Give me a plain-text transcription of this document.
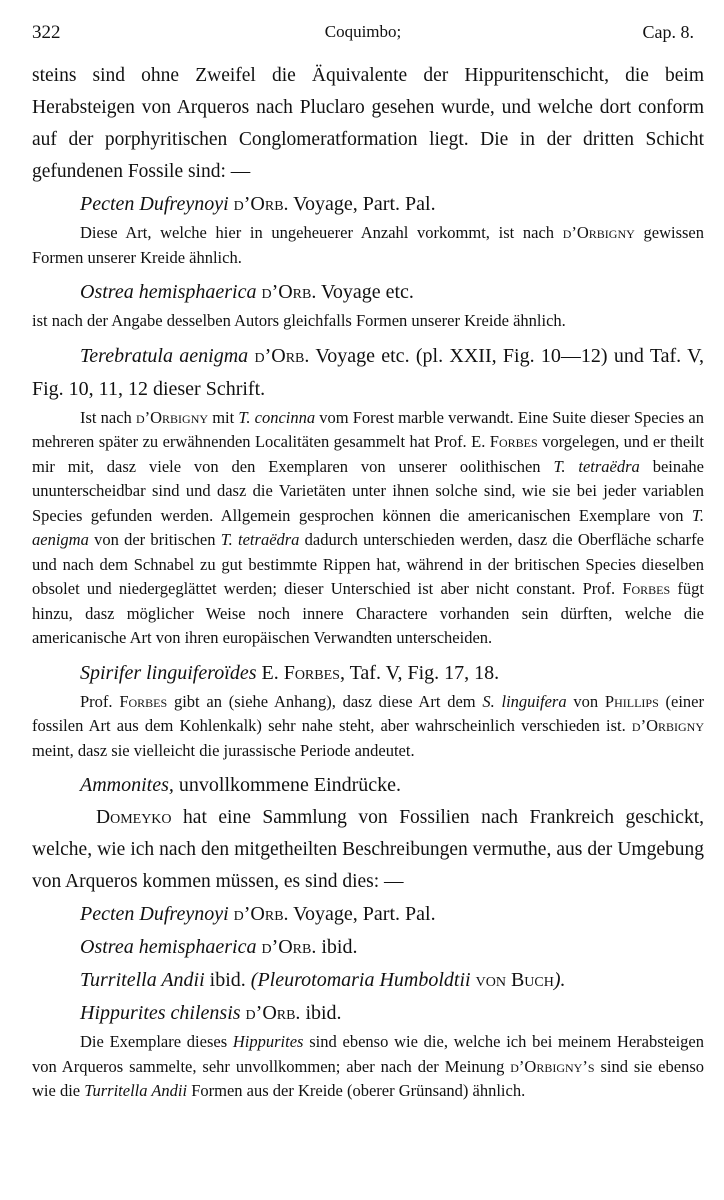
322	Coquimbo;	Cap. 8.

steins sind ohne Zweifel die Äquivalente der Hippuritenschicht, die beim Herabsteigen von Arqueros nach Pluclaro gesehen wurde, und welche dort conform auf der porphyritischen Conglomeratformation liegt. Die in der dritten Schicht gefundenen Fossile sind: —

Pecten Dufreynoyi d’Orb. Voyage, Part. Pal.

Diese Art, welche hier in ungeheuerer Anzahl vorkommt, ist nach d’Orbigny gewissen Formen unserer Kreide ähnlich.

Ostrea hemisphaerica d’Orb. Voyage etc.

ist nach der Angabe desselben Autors gleichfalls Formen unserer Kreide ähnlich.

Terebratula aenigma d’Orb. Voyage etc. (pl. XXII, Fig. 10—12) und Taf. V, Fig. 10, 11, 12 dieser Schrift.

Ist nach d’Orbigny mit T. concinna vom Forest marble verwandt. Eine Suite dieser Species an mehreren später zu erwähnenden Localitäten gesammelt hat Prof. E. Forbes vorgelegen, und er theilt mir mit, dasz viele von den Exemplaren von unserer oolithischen T. tetraëdra beinahe ununterscheidbar sind und dasz die Varietäten unter ihnen solche sind, wie sie bei jeder variablen Species gefunden werden. Allgemein gesprochen können die americanischen Exemplare von T. aenigma von der britischen T. tetraëdra dadurch unterschieden werden, dasz die Oberfläche scharfe und nach dem Schnabel zu gut bestimmte Rippen hat, während in der britischen Species dieselben obsolet und niedergeglättet werden; dieser Unterschied ist aber nicht constant. Prof. Forbes fügt hinzu, dasz möglicher Weise noch innere Charactere vorhanden sein dürften, welche die americanische Art von ihren europäischen Verwandten unterscheiden.

Spirifer linguiferoïdes E. Forbes, Taf. V, Fig. 17, 18.

Prof. Forbes gibt an (siehe Anhang), dasz diese Art dem S. linguifera von Phillips (einer fossilen Art aus dem Kohlenkalk) sehr nahe steht, aber wahrscheinlich verschieden ist. d’Orbigny meint, dasz sie vielleicht die jurassische Periode andeutet.

Ammonites, unvollkommene Eindrücke.

Domeyko hat eine Sammlung von Fossilien nach Frankreich geschickt, welche, wie ich nach den mitgetheilten Beschreibungen vermuthe, aus der Umgebung von Arqueros kommen müssen, es sind dies: —

Pecten Dufreynoyi d’Orb. Voyage, Part. Pal.

Ostrea hemisphaerica d’Orb. ibid.

Turritella Andii ibid. (Pleurotomaria Humboldtii von Buch).

Hippurites chilensis d’Orb. ibid.

Die Exemplare dieses Hippurites sind ebenso wie die, welche ich bei meinem Herabsteigen von Arqueros sammelte, sehr unvollkommen; aber nach der Meinung d’Orbigny’s sind sie ebenso wie die Turritella Andii Formen aus der Kreide (oberer Grünsand) ähnlich.
